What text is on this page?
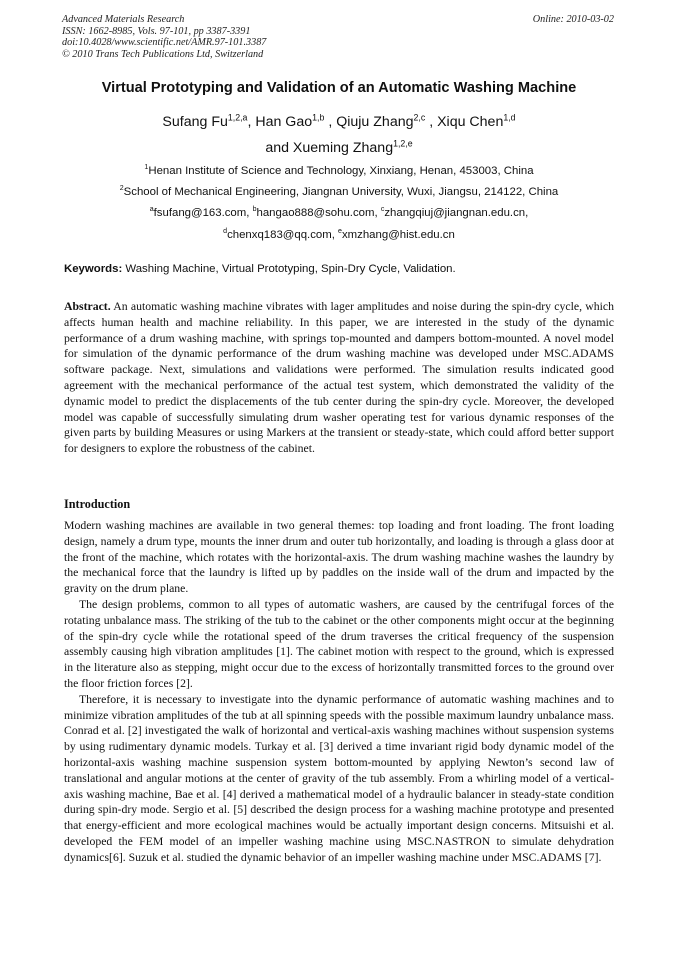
Advanced Materials Research
ISSN: 1662-8985, Vols. 97-101, pp 3387-3391
doi:10.4028/www.scientific.net/AMR.97-101.3387
© 2010 Trans Tech Publications Ltd, Switzerland
Online: 2010-03-02
Virtual Prototyping and Validation of an Automatic Washing Machine
Sufang Fu$^{1,2,a}$, Han Gao$^{1,b}$ , Qiuju Zhang$^{2,c}$ , Xiqu Chen$^{1,d}$
and Xueming Zhang$^{1,2,e}$
$^1$Henan Institute of Science and Technology, Xinxiang, Henan, 453003, China
$^2$School of Mechanical Engineering, Jiangnan University, Wuxi, Jiangsu, 214122, China
$^a$fsufang@163.com, $^b$hangao888@sohu.com, $^c$zhangqiuj@jiangnan.edu.cn,
$^d$chenxq183@qq.com, $^e$xmzhang@hist.edu.cn
Keywords: Washing Machine, Virtual Prototyping, Spin-Dry Cycle, Validation.

Abstract. An automatic washing machine vibrates with lager amplitudes and noise during the spin-dry cycle, which affects human health and machine reliability. In this paper, we are interested in the study of the dynamic performance of a drum washing machine, with springs top-mounted and dampers bottom-mounted. A novel model for simulation of the dynamic performance of the drum washing machine was developed under MSC.ADAMS software package. Next, simulations and validations were performed. The simulation results indicated good agreement with the mechanical performance of the actual test system, which demonstrated the validity of the dynamic model to predict the displacements of the tub center during the spin-dry cycle. Moreover, the developed model was capable of successfully simulating drum washer operating test for various dynamic responses of the given parts by building Measures or using Markers at the transient or steady-state, which could afford better support for designers to explore the robustness of the cabinet.

Introduction

Modern washing machines are available in two general themes: top loading and front loading. The front loading design, namely a drum type, mounts the inner drum and outer tub horizontally, and loading is through a glass door at the front of the machine, which rotates with the horizontal-axis. The drum washing machine washes the laundry by the mechanical force that the laundry is lifted up by paddles on the inside wall of the drum and impacted by the gravity on the drum plane.

The design problems, common to all types of automatic washers, are caused by the centrifugal forces of the rotating unbalance mass. The striking of the tub to the cabinet or the other components might occur at the beginning of the spin-dry cycle while the rotational speed of the drum traverses the critical frequency of the suspension assembly causing high vibration amplitudes [1]. The cabinet motion with respect to the ground, which is expressed in the literature also as stepping, might occur due to the excess of horizontally transmitted forces to the ground over the floor friction forces [2].

Therefore, it is necessary to investigate into the dynamic performance of automatic washing machines and to minimize vibration amplitudes of the tub at all spinning speeds with the possible maximum laundry unbalance mass. Conrad et al. [2] investigated the walk of horizontal and vertical-axis washing machines without suspension systems by using rudimentary dynamic models. Turkay et al. [3] derived a time invariant rigid body dynamic model of the horizontal-axis washing machine suspension system bottom-mounted by applying Newton’s second law of translational and angular motions at the center of gravity of the tub assembly. From a whirling model of a vertical-axis washing machine, Bae et al. [4] derived a mathematical model of a hydraulic balancer in steady-state condition during spin-dry mode. Sergio et al. [5] described the design process for a washing machine prototype and presented that energy-efficient and more ecological machines would be actually important design concerns. Mitsuishi et al. developed the FEM model of an impeller washing machine using MSC.NASTRON to simulate dehydration dynamics[6]. Suzuk et al. studied the dynamic behavior of an impeller washing machine under MSC.ADAMS [7].
